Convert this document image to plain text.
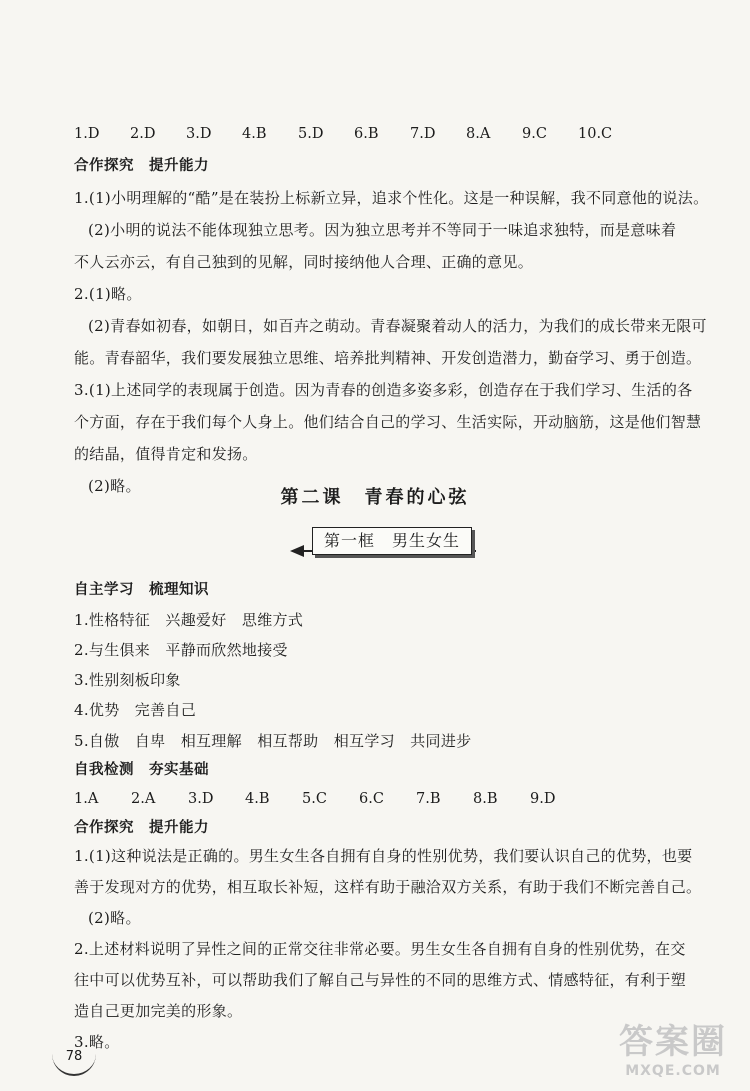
1.D	2.D	3.D	4.B	5.D	6.B	7.D	8.A	9.C	10.C
合作探究　提升能力
1.(1)小明理解的“酷”是在装扮上标新立异，追求个性化。这是一种误解，我不同意他的说法。
(2)小明的说法不能体现独立思考。因为独立思考并不等同于一味追求独特，而是意味着
不人云亦云，有自己独到的见解，同时接纳他人合理、正确的意见。
2.(1)略。
(2)青春如初春，如朝日，如百卉之萌动。青春凝聚着动人的活力，为我们的成长带来无限可
能。青春韶华，我们要发展独立思维、培养批判精神、开发创造潜力，勤奋学习、勇于创造。
3.(1)上述同学的表现属于创造。因为青春的创造多姿多彩，创造存在于我们学习、生活的各
个方面，存在于我们每个人身上。他们结合自己的学习、生活实际，开动脑筋，这是他们智慧
的结晶，值得肯定和发扬。
(2)略。
第二课　青春的心弦
第一框　男生女生
自主学习　梳理知识
1.性格特征　兴趣爱好　思维方式
2.与生俱来　平静而欣然地接受
3.性别刻板印象
4.优势　完善自己
5.自傲　自卑　相互理解　相互帮助　相互学习　共同进步
自我检测　夯实基础
1.A	2.A	3.D	4.B	5.C	6.C	7.B	8.B	9.D
合作探究　提升能力
1.(1)这种说法是正确的。男生女生各自拥有自身的性别优势，我们要认识自己的优势，也要
善于发现对方的优势，相互取长补短，这样有助于融洽双方关系，有助于我们不断完善自己。
(2)略。
2.上述材料说明了异性之间的正常交往非常必要。男生女生各自拥有自身的性别优势，在交
往中可以优势互补，可以帮助我们了解自己与异性的不同的思维方式、情感特征，有利于塑
造自己更加完美的形象。
3.略。
78	答案圈
MXQE.COM
